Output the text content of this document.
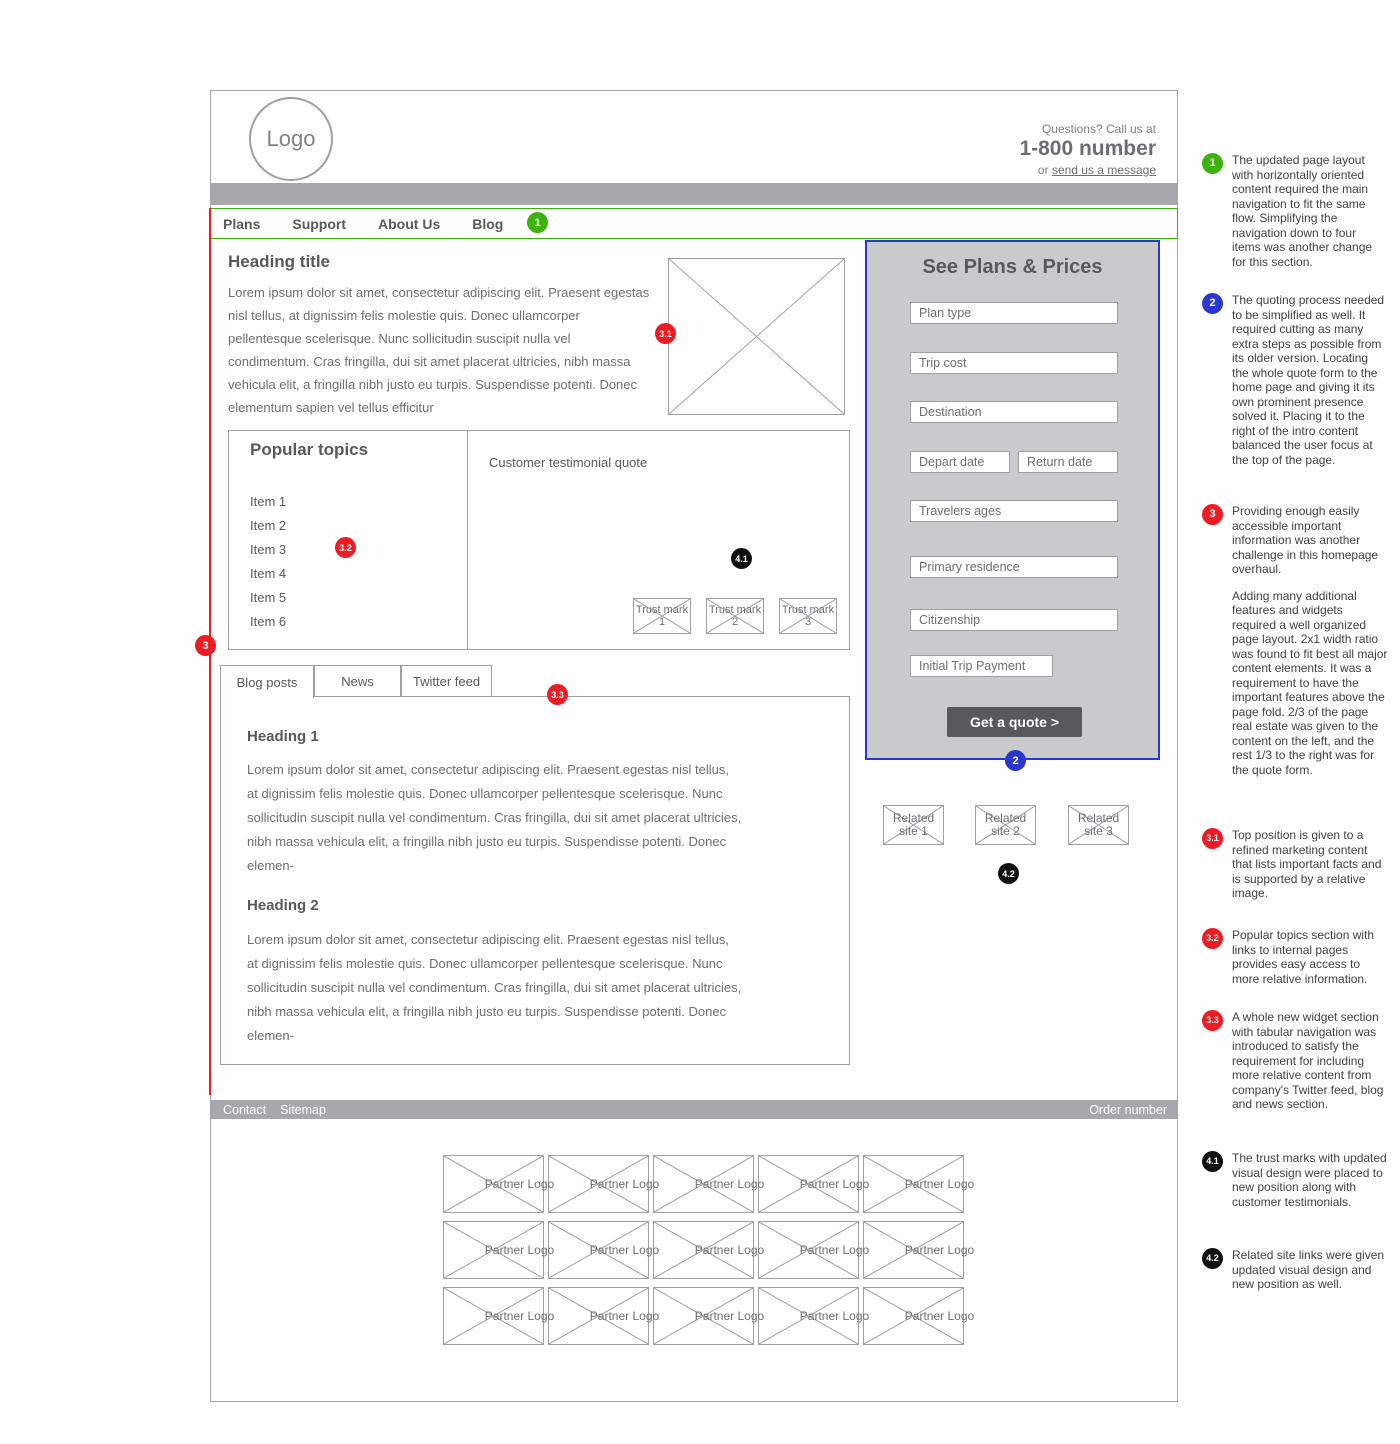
Logo	Questions? Call us at
1-800 number
or send us a message
Plans Support About Us Blog	1
3
Heading title
Lorem ipsum dolor sit amet, consectetur adipiscing elit. Praesent egestas nisl tellus, at dignissim felis molestie quis. Donec ullamcorper pellentesque scelerisque. Nunc sollicitudin suscipit nulla vel condimentum. Cras fringilla, dui sit amet placerat ultricies, nibh massa vehicula elit, a fringilla nibh justo eu turpis. Suspendisse potenti. Donec elementum sapien vel tellus efficitur
3.1
Popular topics
Item 1
Item 2
Item 3
Item 4
Item 5
Item 6
3.2
Customer testimonial quote
4.1
Trust mark 1
Trust mark 2
Trust mark 3
Blog posts	News	Twitter feed
3.3
Heading 1
Lorem ipsum dolor sit amet, consectetur adipiscing elit. Praesent egestas nisl tellus, at dignissim felis molestie quis. Donec ullamcorper pellentesque scelerisque. Nunc sollicitudin suscipit nulla vel condimentum. Cras fringilla, dui sit amet placerat ultricies, nibh massa vehicula elit, a fringilla nibh justo eu turpis. Suspendisse potenti. Donec elemen-
Heading 2
Lorem ipsum dolor sit amet, consectetur adipiscing elit. Praesent egestas nisl tellus, at dignissim felis molestie quis. Donec ullamcorper pellentesque scelerisque. Nunc sollicitudin suscipit nulla vel condimentum. Cras fringilla, dui sit amet placerat ultricies, nibh massa vehicula elit, a fringilla nibh justo eu turpis. Suspendisse potenti. Donec elemen-
See Plans & Prices
Plan type
Trip cost
Destination
Depart date	Return date
Travelers ages
Primary residence
Citizenship
Initial Trip Payment
Get a quote >
2
Related site 1
Related site 2
Related site 3
4.2
Contact Sitemap	Order number
Partner Logo	Partner Logo	Partner Logo	Partner Logo	Partner Logo
Partner Logo	Partner Logo	Partner Logo	Partner Logo	Partner Logo
Partner Logo	Partner Logo	Partner Logo	Partner Logo	Partner Logo
1	The updated page layout with horizontally oriented content required the main navigation to fit the same flow. Simplifying the navigation down to four items was another change for this section.

2	The quoting process needed to be simplified as well. It required cutting as many extra steps as possible from its older version. Locating the whole quote form to the home page and giving it its own prominent presence solved it. Placing it to the right of the intro content balanced the user focus at the top of the page.

3	Providing enough easily accessible important information was another challenge in this homepage overhaul.

Adding many additional features and widgets required a well organized page layout. 2x1 width ratio was found to fit best all major content elements. It was a requirement to have the important features above the page fold. 2/3 of the page real estate was given to the content on the left, and the rest 1/3 to the right was for the quote form.

3.1	Top position is given to a refined marketing content that lists important facts and is supported by a relative image.

3.2	Popular topics section with links to internal pages provides easy access to more relative information.

3.3	A whole new widget section with tabular navigation was introduced to satisfy the requirement for including more relative content from company's Twitter feed, blog and news section.

4.1	The trust marks with updated visual design were placed to new position along with customer testimonials.

4.2	Related site links were given updated visual design and new position as well.
